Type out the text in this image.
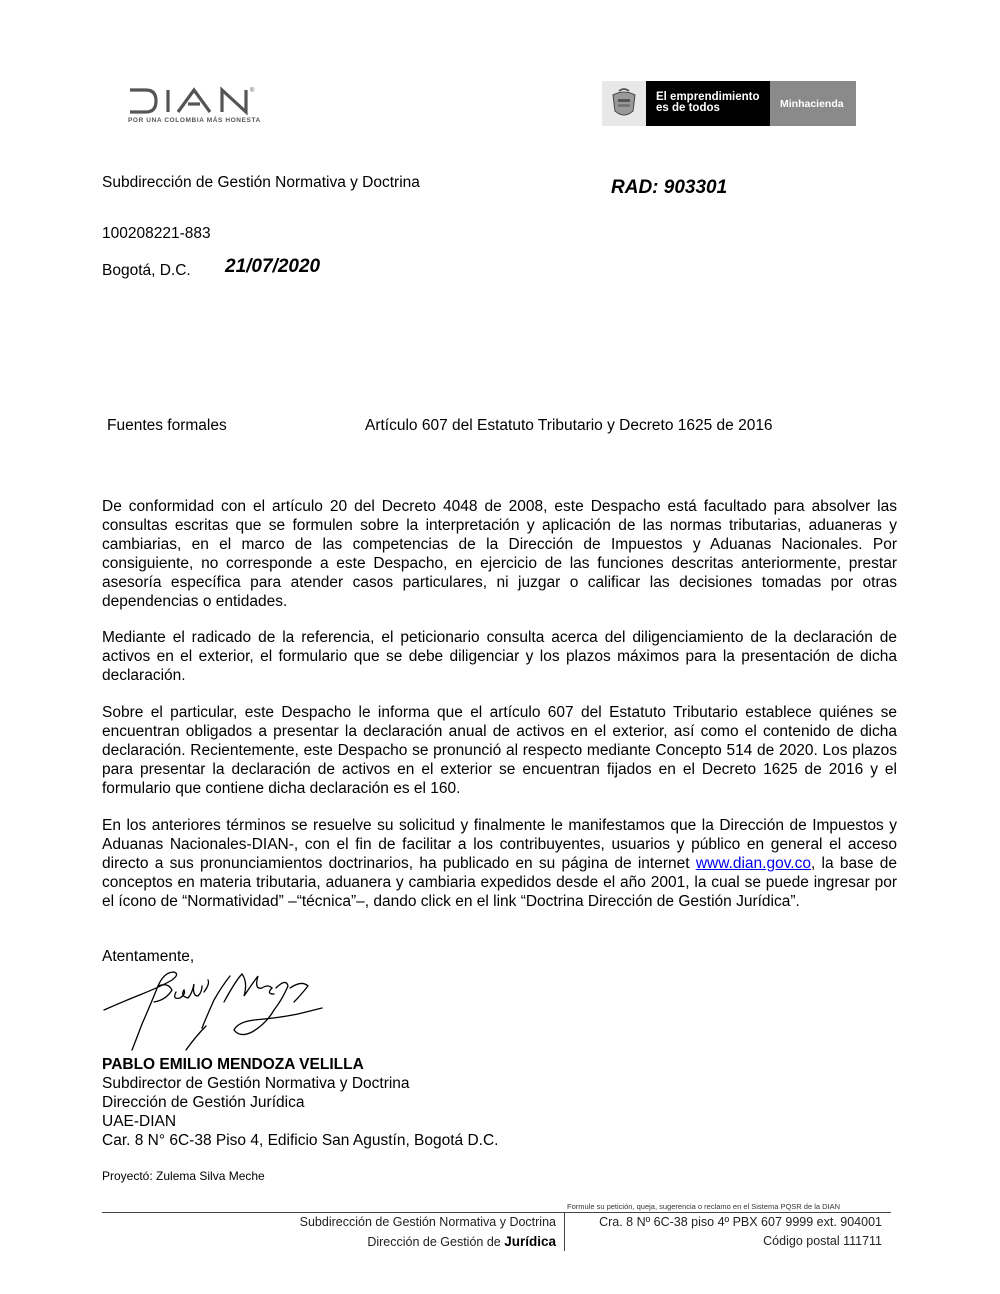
®
POR UNA COLOMBIA MÁS HONESTA
El emprendimiento
es de todos	Minhacienda
Subdirección de Gestión Normativa y Doctrina	RAD: 903301
100208221-883
Bogotá, D.C. 21/07/2020
Fuentes formales	Artículo 607 del Estatuto Tributario y Decreto 1625 de 2016
De conformidad con el artículo 20 del Decreto 4048 de 2008, este Despacho está facultado para absolver las consultas escritas que se formulen sobre la interpretación y aplicación de las normas tributarias, aduaneras y cambiarias, en el marco de las competencias de la Dirección de Impuestos y Aduanas Nacionales. Por consiguiente, no corresponde a este Despacho, en ejercicio de las funciones descritas anteriormente, prestar asesoría específica para atender casos particulares, ni juzgar o calificar las decisiones tomadas por otras dependencias o entidades.
Mediante el radicado de la referencia, el peticionario consulta acerca del diligenciamiento de la declaración de activos en el exterior, el formulario que se debe diligenciar y los plazos máximos para la presentación de dicha declaración.
Sobre el particular, este Despacho le informa que el artículo 607 del Estatuto Tributario establece quiénes se encuentran obligados a presentar la declaración anual de activos en el exterior, así como el contenido de dicha declaración. Recientemente, este Despacho se pronunció al respecto mediante Concepto 514 de 2020. Los plazos para presentar la declaración de activos en el exterior se encuentran fijados en el Decreto 1625 de 2016 y el formulario que contiene dicha declaración es el 160.
En los anteriores términos se resuelve su solicitud y finalmente le manifestamos que la Dirección de Impuestos y Aduanas Nacionales-DIAN-, con el fin de facilitar a los contribuyentes, usuarios y público en general el acceso directo a sus pronunciamientos doctrinarios, ha publicado en su página de internet www.dian.gov.co, la base de conceptos en materia tributaria, aduanera y cambiaria expedidos desde el año 2001, la cual se puede ingresar por el ícono de “Normatividad” –“técnica”–, dando click en el link “Doctrina Dirección de Gestión Jurídica”.
Atentamente,
PABLO EMILIO MENDOZA VELILLA
Subdirector de Gestión Normativa y Doctrina
Dirección de Gestión Jurídica
UAE-DIAN
Car. 8 N° 6C-38 Piso 4, Edificio San Agustín, Bogotá D.C.
Proyectó: Zulema Silva Meche
Formule su petición, queja, sugerencia o reclamo en el Sistema PQSR de la DIAN
Subdirección de Gestión Normativa y Doctrina
Dirección de Gestión de Jurídica
Cra. 8 Nº 6C-38 piso 4º PBX 607 9999 ext. 904001
Código postal 111711
